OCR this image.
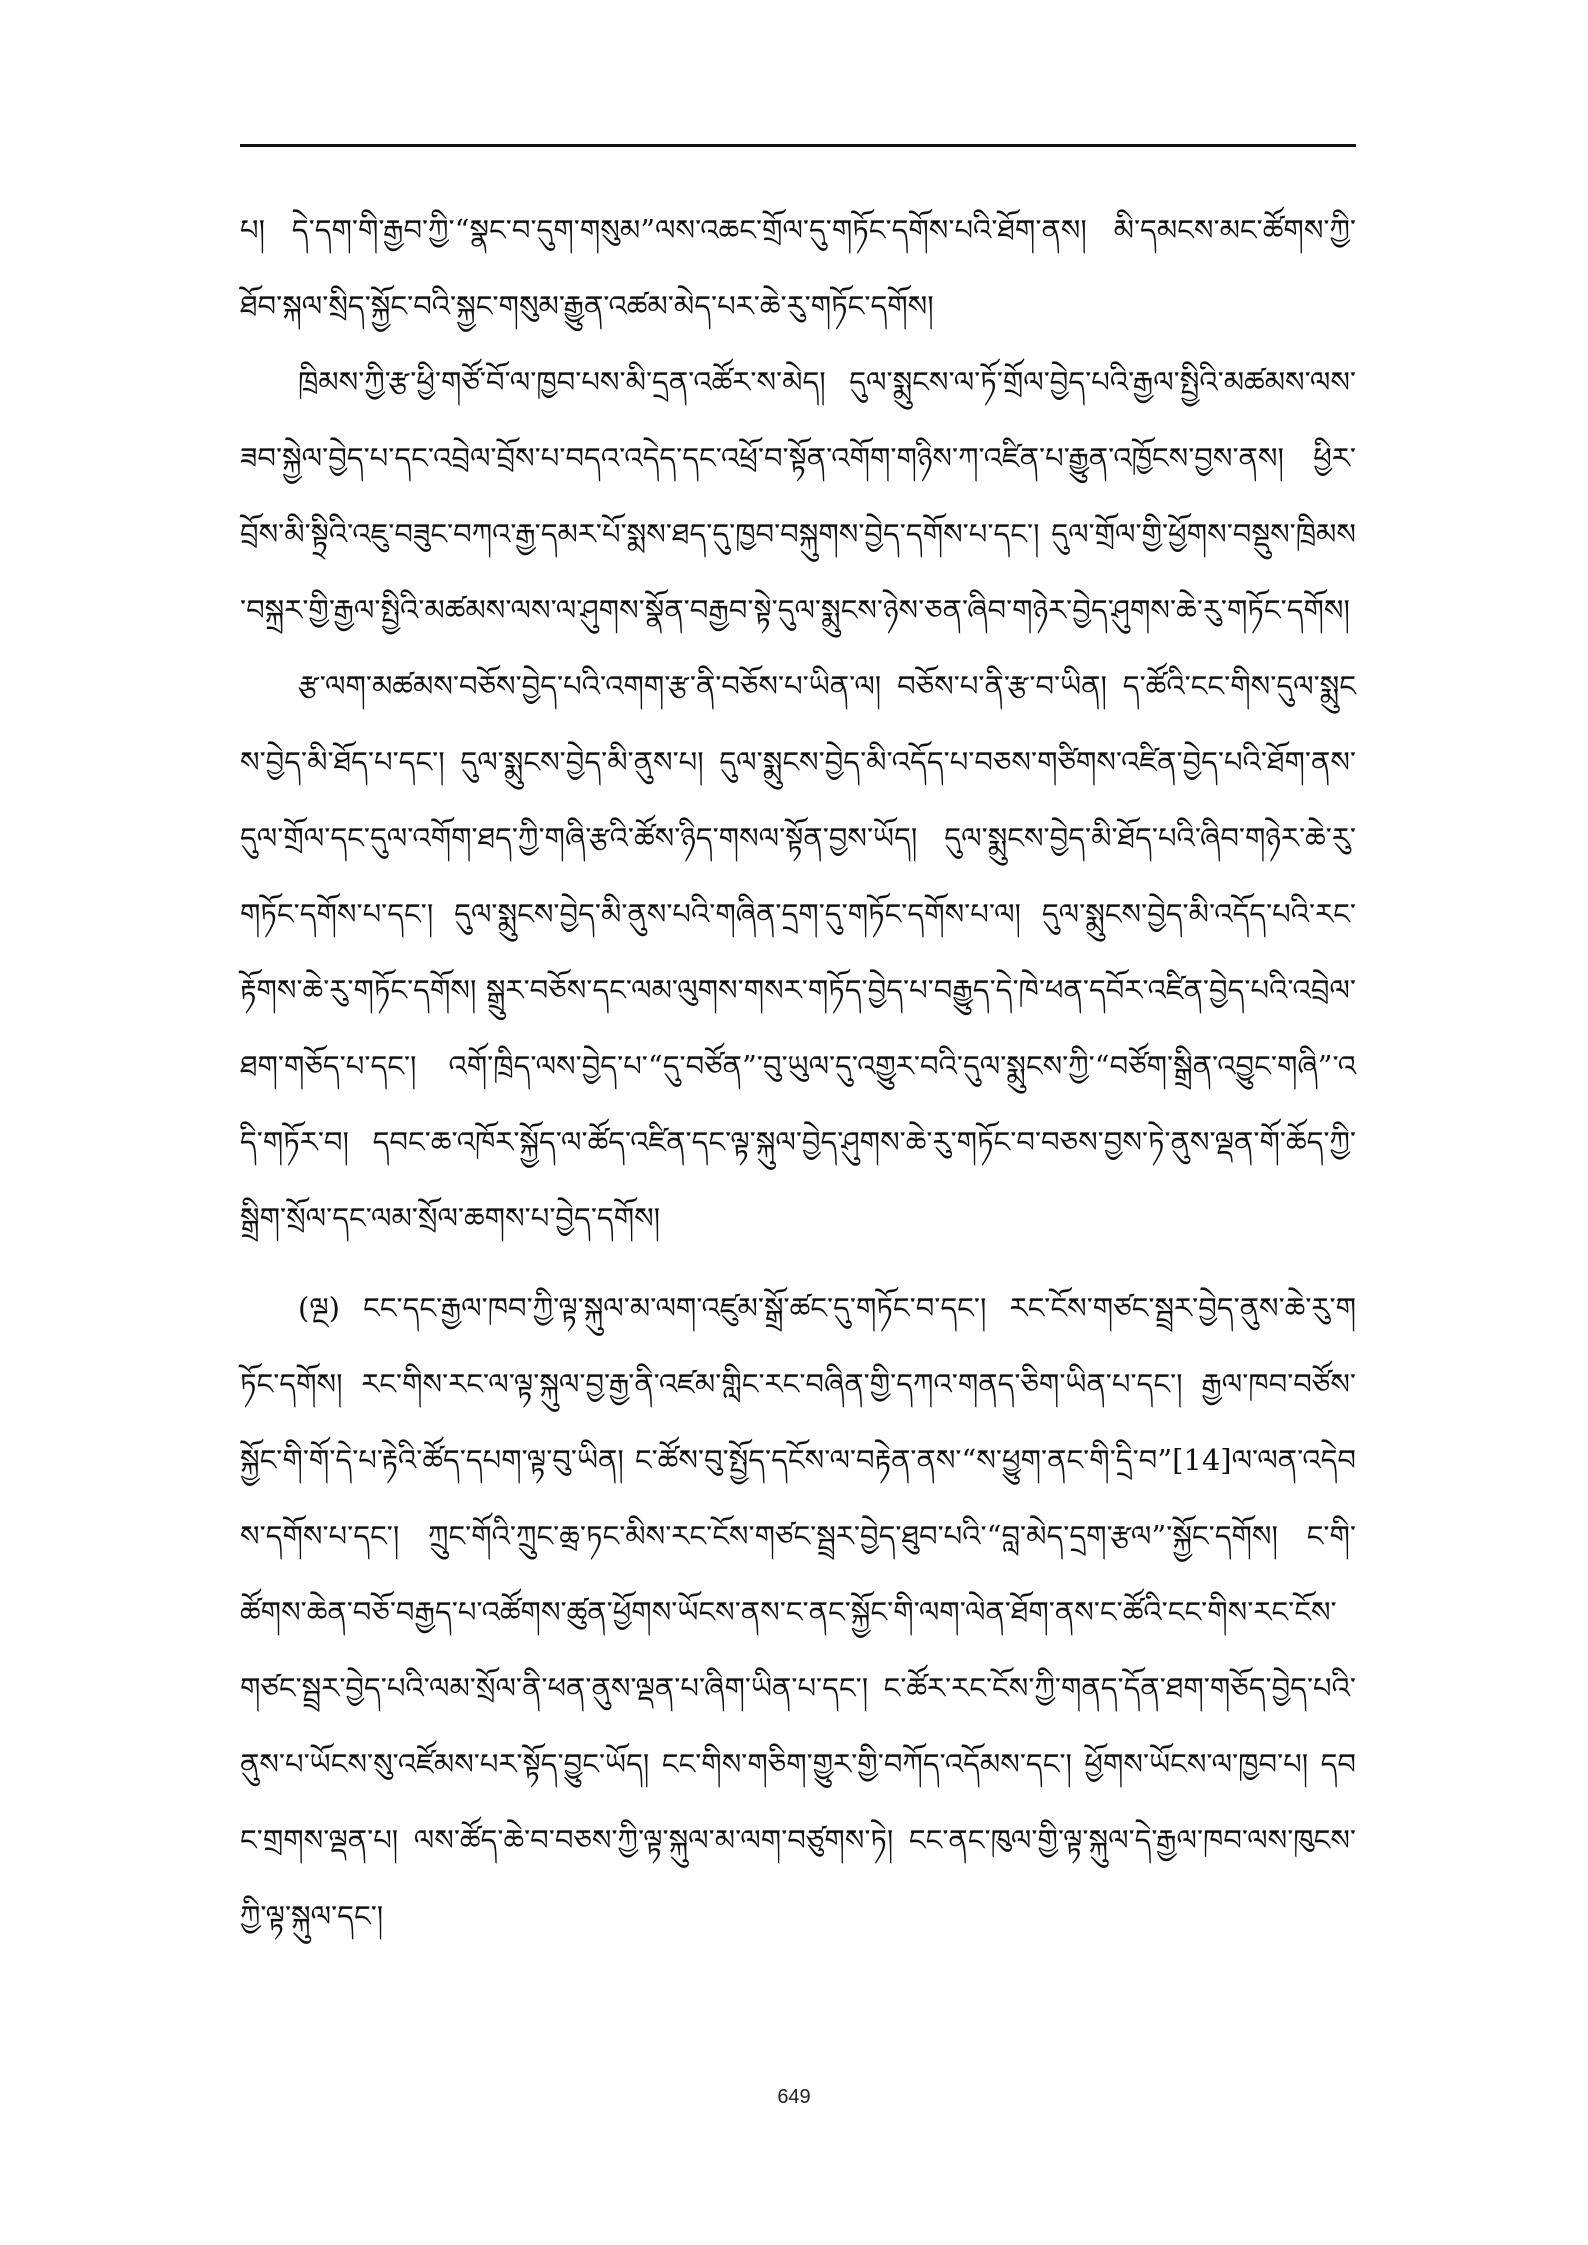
པ། དེ་དག་གི་རྒྱབ་ཀྱི་“སྣང་བ་དུག་གསུམ”ལས་འཆང་གྲོལ་དུ་གཏོང་དགོས་པའི་ཐོག་ནས། མི་དམངས་མང་ཚོགས་ཀྱི་ཐོབ་སྐལ་སྲིད་སྐྱོང་བའི་སྐྱང་གསུམ་རྒྱུན་འཚམ་མེད་པར་ཆེ་རུ་གཏོང་དགོས།

ཁྲིམས་ཀྱི་རྩ་ཕྱི་གཙོ་བོ་ལ་ཁྱབ་པས་མི་དྲན་འཚོར་ས་མེད། དུལ་སྨུངས་ལ་ཏོ་གྲོལ་བྱེད་པའི་རྒྱལ་སྤྱིའི་མཚམས་ལས་ཟབ་སྐྱེལ་བྱེད་པ་དང་འབྲེལ་བྲོས་པ་བདའ་འདེད་དང་འཕྲོ་བ་སྟོན་འགོག་གཉིས་ཀ་འཛིན་པ་རྒྱུན་འཁྱོངས་བྱས་ནས། ཕྱིར་བྲོས་མི་སྟྲིའི་འཇུ་བཟུང་བཀའ་རྒྱ་དམར་པོ་སྨས་ཐད་དུ་ཁྱབ་བསྐུགས་བྱེད་དགོས་པ་དང་། དུལ་གྲོལ་གྱི་ཕྱོགས་བསྡུས་ཁྲིམས་བསྐྲར་གྱི་རྒྱལ་སྤྱིའི་མཚམས་ལས་ལ་ཤུགས་སྣོན་བརྒྱབ་སྟེ་དུལ་སྨུངས་ཉེས་ཅན་ཞིབ་གཉེར་བྱེད་ཤུགས་ཆེ་རུ་གཏོང་དགོས།

རྩ་ལག་མཚམས་བཅོས་བྱེད་པའི་འགག་རྩ་ནི་བཅོས་པ་ཡིན་ལ། བཅོས་པ་ནི་རྩ་བ་ཡིན། ད་ཚོའི་ངང་གིས་དུལ་སྨུངས་བྱེད་མི་ཐོད་པ་དང་། དུལ་སྨུངས་བྱེད་མི་ནུས་པ། དུལ་སྨུངས་བྱེད་མི་འདོད་པ་བཅས་གཙིགས་འཛིན་བྱེད་པའི་ཐོག་ནས་དུལ་གྲོལ་དང་དུལ་འགོག་ཐད་ཀྱི་གཞི་རྩའི་ཚོས་ཉིད་གསལ་སྟོན་བྱས་ཡོད། དུལ་སྨུངས་བྱེད་མི་ཐོད་པའི་ཞིབ་གཉེར་ཆེ་རུ་གཏོང་དགོས་པ་དང་། དུལ་སྨུངས་བྱེད་མི་ནུས་པའི་གཞིན་དྲག་དུ་གཏོང་དགོས་པ་ལ། དུལ་སྨུངས་བྱེད་མི་འདོད་པའི་རང་རྟོགས་ཆེ་རུ་གཏོང་དགོས། སྒྲུར་བཅོས་དང་ལམ་ལུགས་གསར་གཏོད་བྱེད་པ་བརྒྱུད་དེ་ཁེ་ཕན་དབོར་འཛིན་བྱེད་པའི་འབྲེལ་ཐག་གཅོད་པ་དང་། འགོ་ཁྲིད་ལས་བྱེད་པ་“དུ་བཙོན”་བུ་ཡུལ་དུ་འགྱུར་བའི་དུལ་སྨུངས་ཀྱི་“བཙོག་སྒྲིན་འབྱུང་གཞི”་འདི་གཏོར་བ། དབང་ཆ་འཁོར་སྐྱོད་ལ་ཚོད་འཛིན་དང་ལྟ་སྐུལ་བྱེད་ཤུགས་ཆེ་རུ་གཏོང་བ་བཅས་བྱས་ཏེ་ནུས་ལྡན་གོ་ཆོད་ཀྱི་སྒྲིག་སྲོལ་དང་ལམ་སྲོལ་ཆགས་པ་བྱེད་དགོས།

(ལྔ) ངང་དང་རྒྱལ་ཁབ་ཀྱི་ལྟ་སྐུལ་མ་ལག་འཛུམ་སྒྲོ་ཚང་དུ་གཏོང་བ་དང་། རང་ངོས་གཙང་སྦྲར་བྱེད་ནུས་ཆེ་རུ་གཏོང་དགོས། རང་གིས་རང་ལ་ལྟ་སྐུལ་བྱ་རྒྱ་ནི་འཛམ་གླིང་རང་བཞིན་གྱི་དཀའ་གནད་ཅིག་ཡིན་པ་དང་། རྒྱལ་ཁབ་བཙོས་སྐྱོང་གི་གོ་དེ་པ་རྟེའི་ཚོད་དཔག་ལྟ་བུ་ཡིན། ང་ཚོས་བུ་སྤྱོད་དངོས་ལ་བརྟེན་ནས་“ས་ཕྱུག་ནང་གི་དྲི་བ”[14]ལ་ལན་འདེབས་དགོས་པ་དང་། ཀྲུང་གོའི་ཀྲུང་ཆྲ་ཏང་མིས་རང་ངོས་གཙང་སྦྲར་བྱེད་ཐུབ་པའི་“བླ་མེད་དྲག་རྩལ”་སྐྱོང་དགོས། ང་གི་ཚོགས་ཆེན་བཅོ་བརྒྱད་པ་འཚོགས་ཚུན་ཕྱོགས་ཡོངས་ནས་ང་ནང་སྐྱོང་གི་ལག་ལེན་ཐོག་ནས་ང་ཚོའི་ངང་གིས་རང་ངོས་གཙང་སྦྲར་བྱེད་པའི་ལམ་སྲོལ་ནི་ཕན་ནུས་ལྡན་པ་ཞིག་ཡིན་པ་དང་། ང་ཚོར་རང་ངོས་ཀྱི་གནད་དོན་ཐག་གཅོད་བྱེད་པའི་ནུས་པ་ཡོངས་སུ་འཛོམས་པར་སྟོད་བྱུང་ཡོད། ངང་གིས་གཅིག་གྱུར་གྱི་བཀོད་འདོམས་དང་། ཕྱོགས་ཡོངས་ལ་ཁྱབ་པ། དབང་གྲགས་ལྡན་པ། ལས་ཚོད་ཆེ་བ་བཅས་ཀྱི་ལྟ་སྐུལ་མ་ལག་བཙུགས་ཏེ། ངང་ནང་ཁུལ་གྱི་ལྟ་སྐུལ་དེ་རྒྱལ་ཁབ་ལས་ཁུངས་ཀྱི་ལྟ་སྐུལ་དང་།

649
